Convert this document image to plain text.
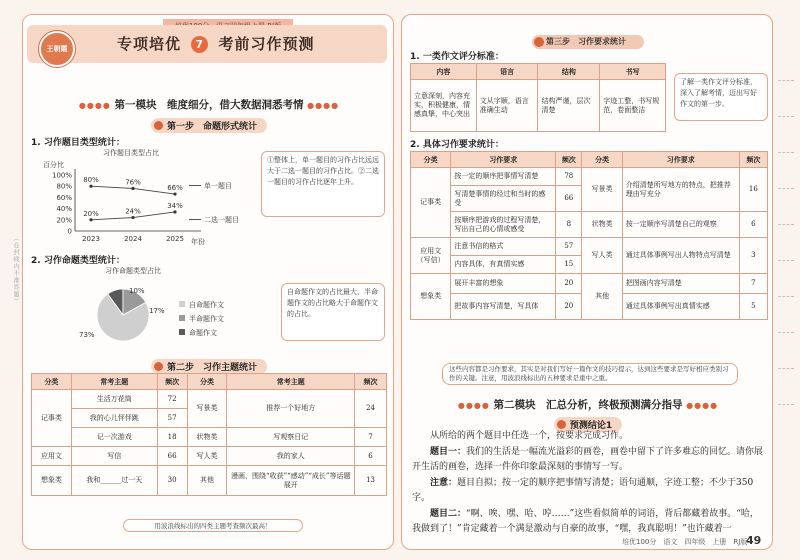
（在封线内不准答题）
王朝霞	专项培优 7 考前习作预测
●●●● 第一模块　维度细分，借大数据洞悉考情 ●●●●
第一步　命题形式统计
1. 习作题目类型统计：
习作题目类型占比
百分比
0
20%
40%
60%
80%
100%
2023	2024	2025 年份
80%	76%
66%
20%	24%
34%
单一题目
二选一题目
①整体上，单一题目的习作占比远远大于二选一题目的习作占比。②二选一题目的习作占比逐年上升。
2. 习作命题类型统计：
习作命题类型占比
10%
17%
73%
自命题作文
半命题作文
命题作文
自命题作文的占比最大，半命题作文的占比略大于命题作文的占比。
第二步　习作主题统计
分类	常考主题	频次	分类	常考主题	频次
记事类	生活万花筒	72	写景类	推荐一个好地方	24
	我的心儿怦怦跳	57			
	记一次游戏	18	状物类	写观察日记	7
应用文	写信	66	写人类	我的家人	6
想象类	我和______过一天	30	其他	漫画，围绕“收获”“感动”“成长”等话题展开	13
用波浪线标出的四类主题考查频次最高！
第三步　习作要求统计
1. 一类作文评分标准：
内容	语言	结构	书写
立意深刻，内容充实，积极健康，情感真挚，中心突出	文从字顺，语言准确生动	结构严谨，层次清楚	字迹工整，书写规范，卷面整洁
了解一类作文评分标准，深入了解考情，迈出写好作文的第一步。
2. 具体习作要求统计：
分类	习作要求	频次	分类	习作要求	频次
记事类	按一定的顺序把事情写清楚	78	写景类	介绍清楚所写地方的特点，把推荐理由写充分	16
	写清楚事情的经过和当时的感受	66			
	按顺序把游戏的过程写清楚，写出自己的心情或感受	8	状物类	按一定顺序写清楚自己的观察	6
应用文（写信）	注意书信的格式	57	写人类	通过具体事例写出人物特点写清楚	3
	内容具体，有真情实感	15			
想象类	展开丰富的想象	20	其他	把图画内容写清楚	7
	把故事内容写清楚，写具体	20		通过具体事例写出真情实感	5
这些内容都是习作要求，其实是对我们写好一篇作文的技巧提示，达到这些要求是写好相应类别习作的关键。注意，用波浪线标出的五种要求是重中之重。
●●●● 第二模块　汇总分析，终极预测满分指导 ●●●●
预测结论1
从所给的两个题目中任选一个，按要求完成习作。
题目一：我们的生活是一幅流光溢彩的画卷，画卷中留下了许多难忘的回忆。请你展开生活的画卷，选择一件你印象最深刻的事情写一写。
注意：题目自拟；按一定的顺序把事情写清楚；语句通顺，字迹工整；不少于350字。
题目二：“啊、唉、嘿、哈、哼……”这些看似简单的词语，背后都藏着故事。“哈，我做到了！”肯定藏着一个满是激动与自豪的故事，“嘿，我真聪明！”也许藏着一
培优100分　语文　四年级　上册　RJ版
49
